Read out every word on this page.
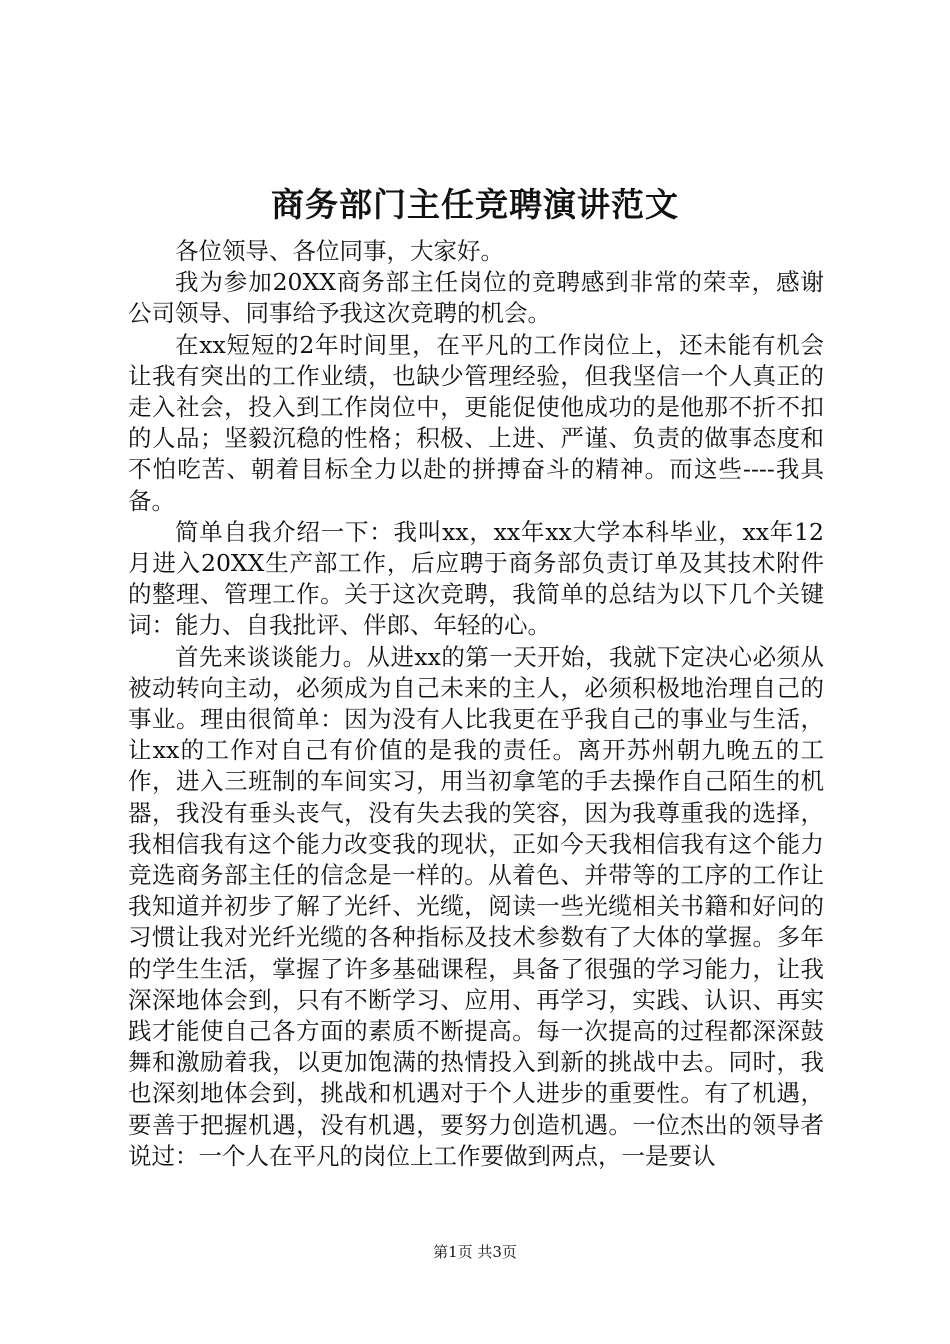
商务部门主任竞聘演讲范文

各位领导、各位同事，大家好。

我为参加20XX商务部主任岗位的竞聘感到非常的荣幸，感谢公司领导、同事给予我这次竞聘的机会。

在xx短短的2年时间里，在平凡的工作岗位上，还未能有机会让我有突出的工作业绩，也缺少管理经验，但我坚信一个人真正的走入社会，投入到工作岗位中，更能促使他成功的是他那不折不扣的人品；坚毅沉稳的性格；积极、上进、严谨、负责的做事态度和不怕吃苦、朝着目标全力以赴的拼搏奋斗的精神。而这些----我具备。

简单自我介绍一下：我叫xx，xx年xx大学本科毕业，xx年12月进入20XX生产部工作，后应聘于商务部负责订单及其技术附件的整理、管理工作。关于这次竞聘，我简单的总结为以下几个关键词：能力、自我批评、伴郎、年轻的心。

首先来谈谈能力。从进xx的第一天开始，我就下定决心必须从被动转向主动，必须成为自己未来的主人，必须积极地治理自己的事业。理由很简单：因为没有人比我更在乎我自己的事业与生活，让xx的工作对自己有价值的是我的责任。离开苏州朝九晚五的工作，进入三班制的车间实习，用当初拿笔的手去操作自己陌生的机器，我没有垂头丧气，没有失去我的笑容，因为我尊重我的选择，我相信我有这个能力改变我的现状，正如今天我相信我有这个能力竞选商务部主任的信念是一样的。从着色、并带等的工序的工作让我知道并初步了解了光纤、光缆，阅读一些光缆相关书籍和好问的习惯让我对光纤光缆的各种指标及技术参数有了大体的掌握。多年的学生生活，掌握了许多基础课程，具备了很强的学习能力，让我深深地体会到，只有不断学习、应用、再学习，实践、认识、再实践才能使自己各方面的素质不断提高。每一次提高的过程都深深鼓舞和激励着我，以更加饱满的热情投入到新的挑战中去。同时，我也深刻地体会到，挑战和机遇对于个人进步的重要性。有了机遇，要善于把握机遇，没有机遇，要努力创造机遇。一位杰出的领导者说过：一个人在平凡的岗位上工作要做到两点，一是要认

第1页 共3页
